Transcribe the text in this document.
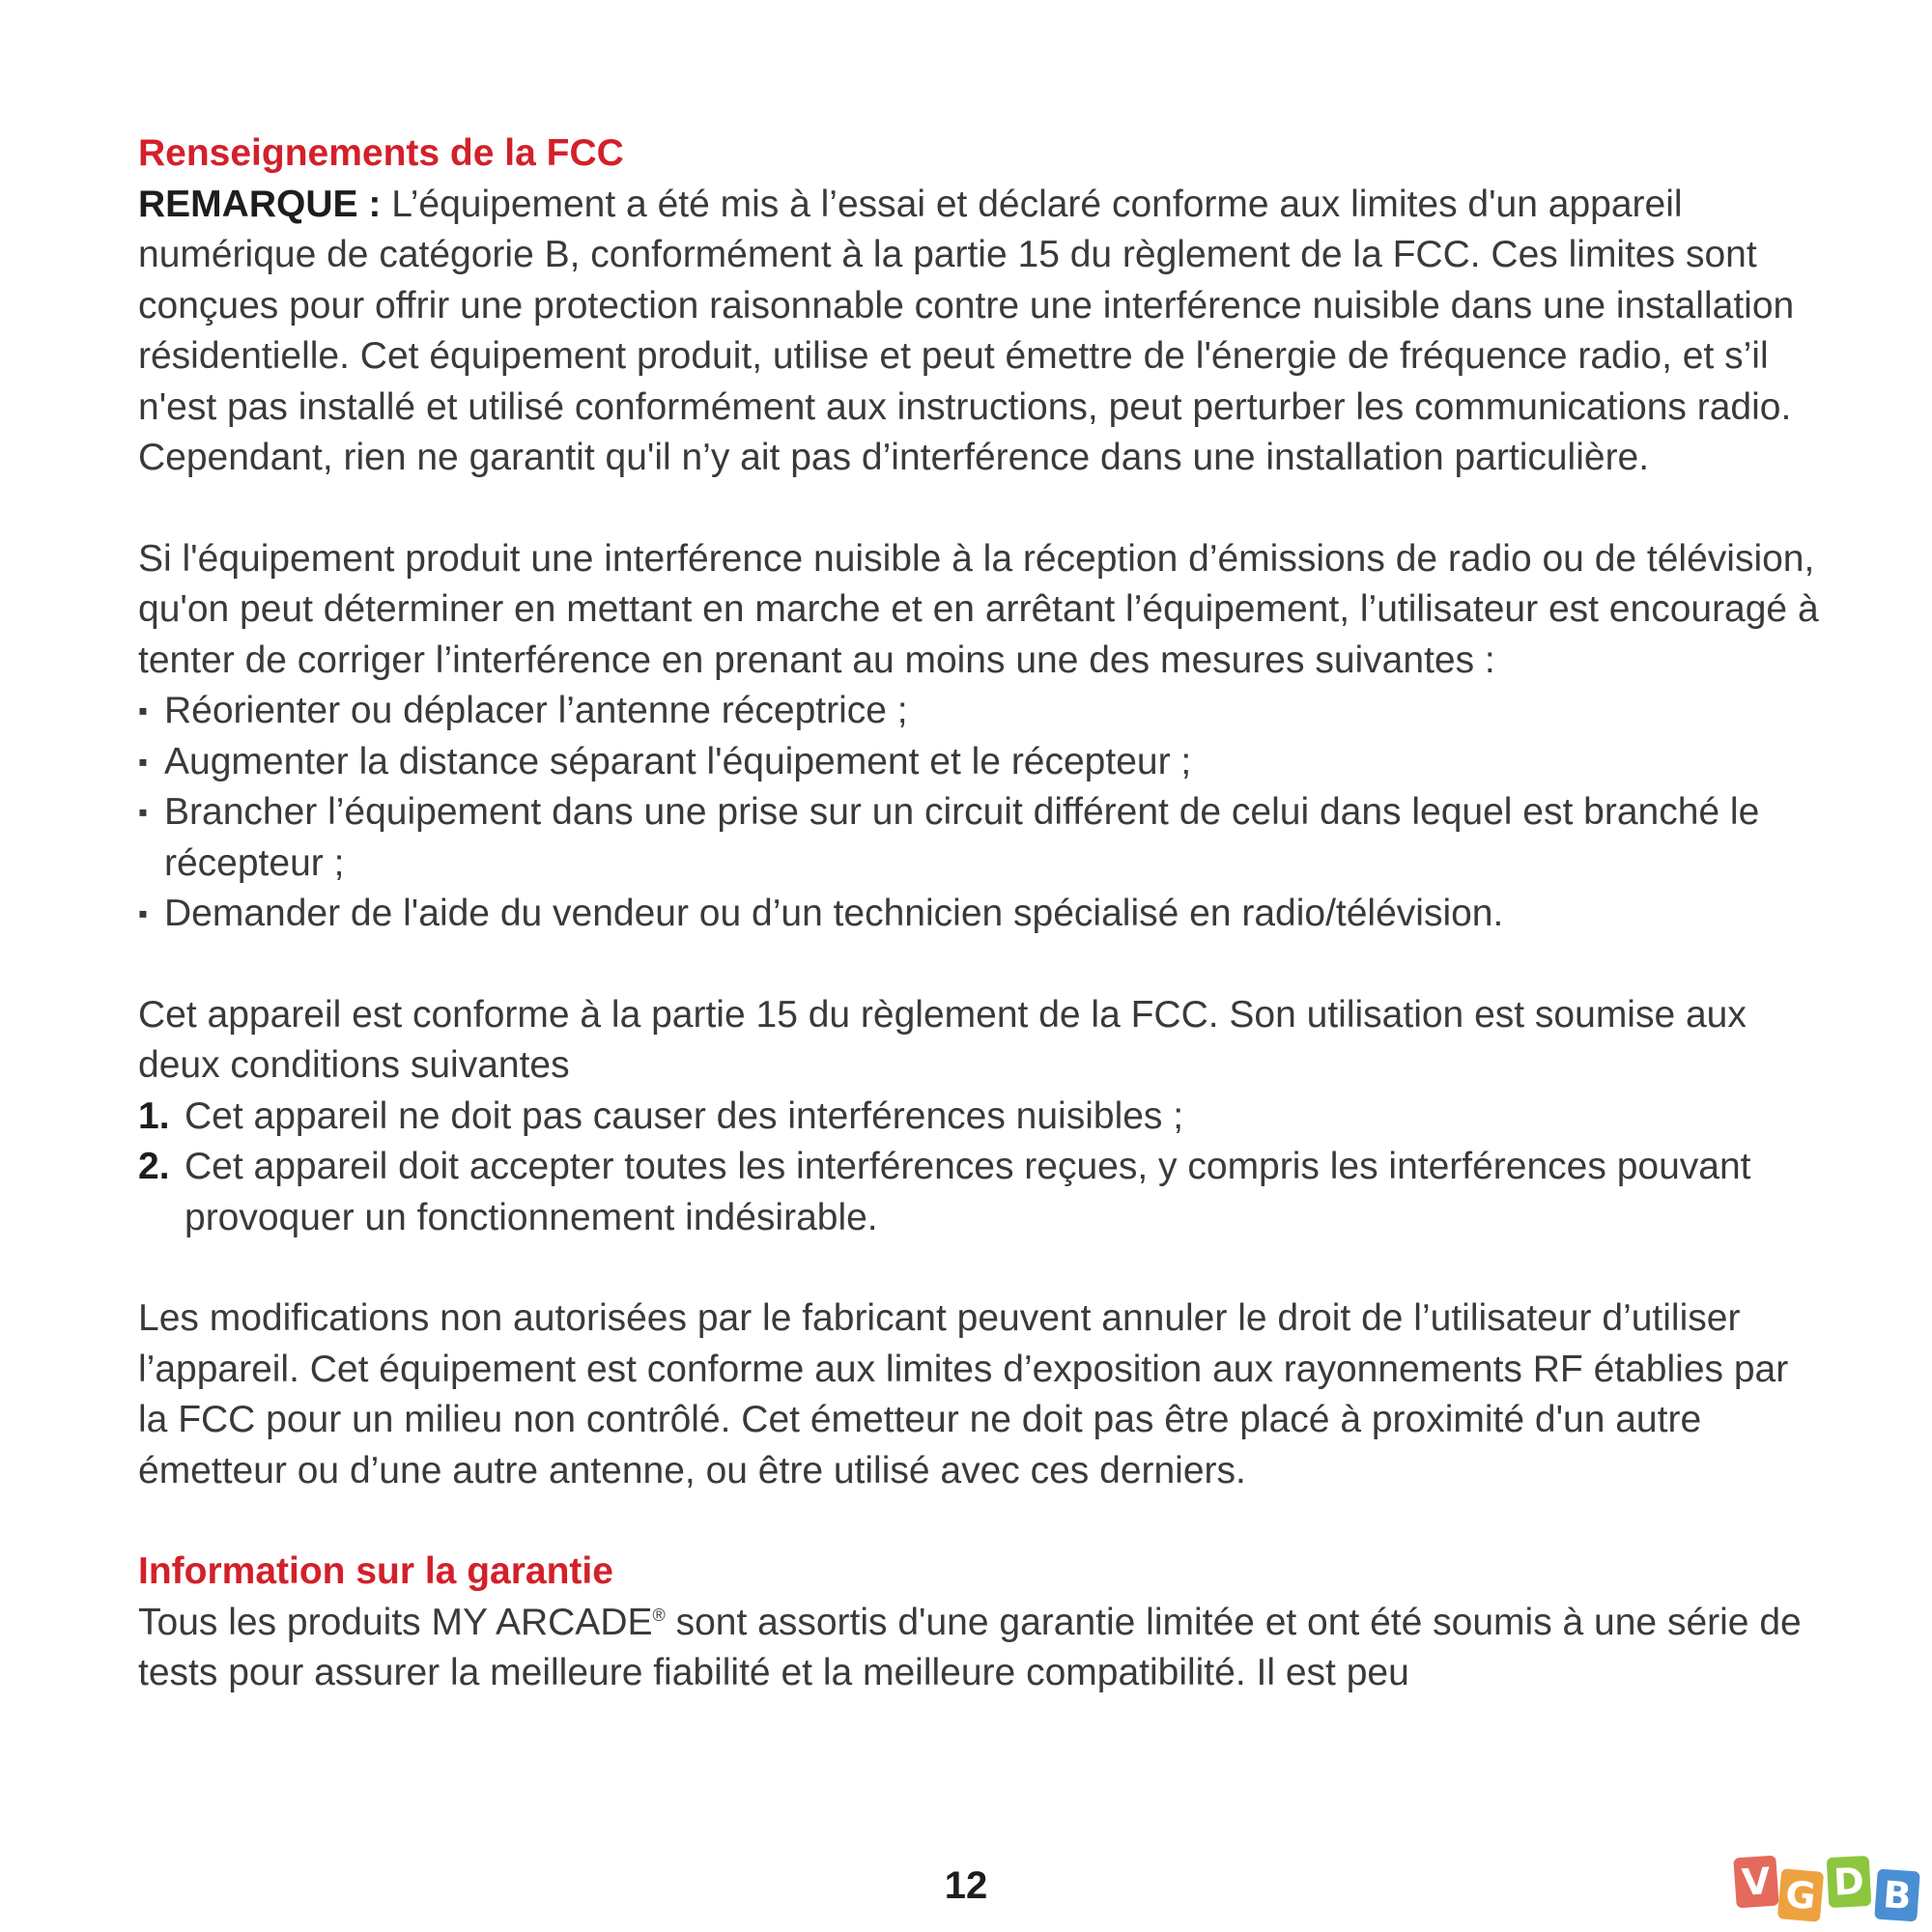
Renseignements de la FCC

REMARQUE : L’équipement a été mis à l’essai et déclaré conforme aux limites d'un appareil numérique de catégorie B, conformément à la partie 15 du règlement de la FCC. Ces limites sont conçues pour offrir une protection raisonnable contre une interférence nuisible dans une installation résidentielle. Cet équipement produit, utilise et peut émettre de l'énergie de fréquence radio, et s’il n'est pas installé et utilisé conformément aux instructions, peut perturber les communications radio. Cependant, rien ne garantit qu'il n’y ait pas d’interférence dans une installation particulière.

Si l'équipement produit une interférence nuisible à la réception d’émissions de radio ou de télévision, qu'on peut déterminer en mettant en marche et en arrêtant l’équipement, l’utilisateur est encouragé à tenter de corriger l’interférence en prenant au moins une des mesures suivantes :

▪ Réorienter ou déplacer l’antenne réceptrice ;
▪ Augmenter la distance séparant l'équipement et le récepteur ;
▪ Brancher l’équipement dans une prise sur un circuit différent de celui dans lequel est branché le récepteur ;
▪ Demander de l'aide du vendeur ou d’un technicien spécialisé en radio/télévision.

Cet appareil est conforme à la partie 15 du règlement de la FCC. Son utilisation est soumise aux deux conditions suivantes

1. Cet appareil ne doit pas causer des interférences nuisibles ;
2. Cet appareil doit accepter toutes les interférences reçues, y compris les interférences pouvant provoquer un fonctionnement indésirable.

Les modifications non autorisées par le fabricant peuvent annuler le droit de l’utilisateur d’utiliser l’appareil. Cet équipement est conforme aux limites d’exposition aux rayonnements RF établies par la FCC pour un milieu non contrôlé. Cet émetteur ne doit pas être placé à proximité d'un autre émetteur ou d’une autre antenne, ou être utilisé avec ces derniers.

Information sur la garantie

Tous les produits MY ARCADE® sont assortis d'une garantie limitée et ont été soumis à une série de tests pour assurer la meilleure fiabilité et la meilleure compatibilité. Il est peu

12	V G D B
